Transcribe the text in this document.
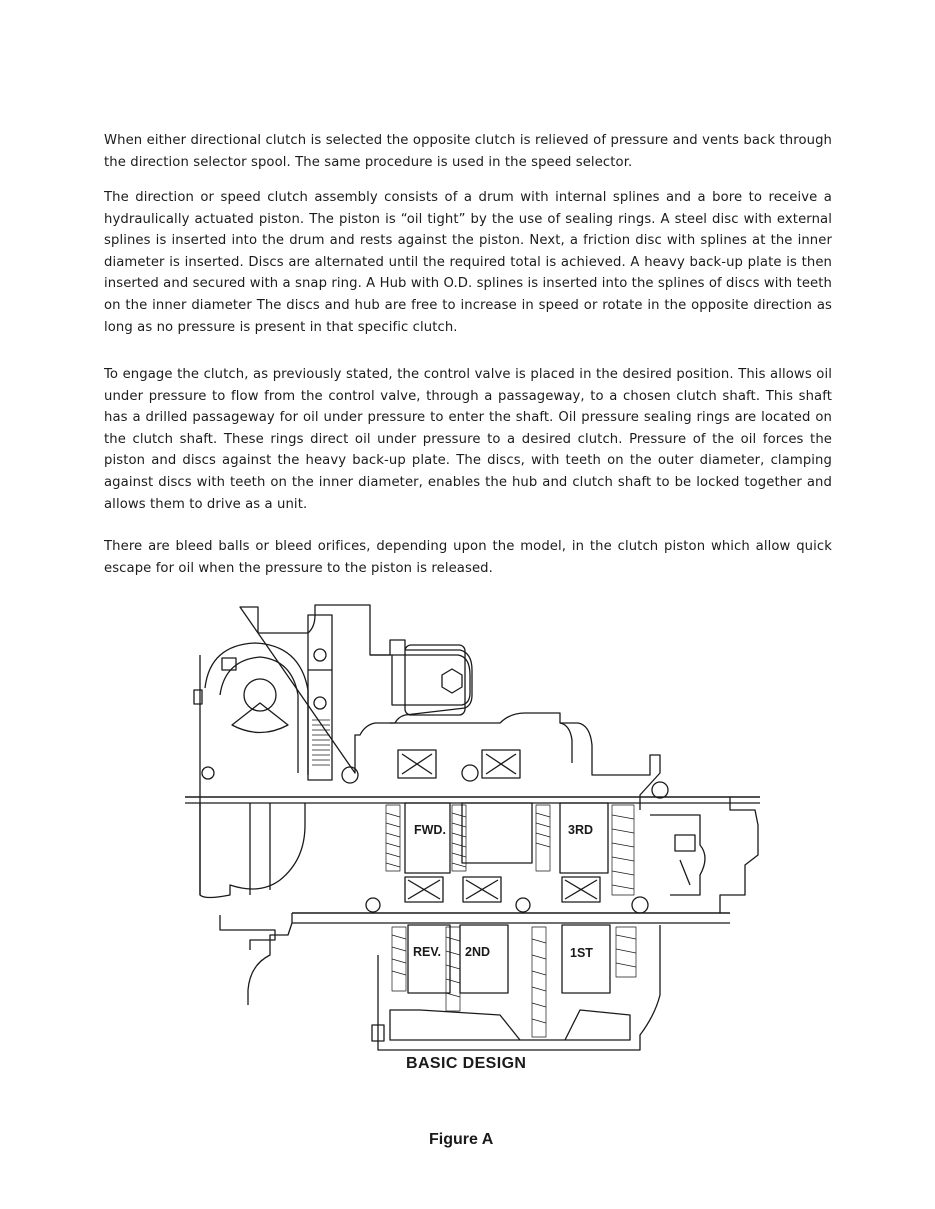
When either directional clutch is selected the opposite clutch is relieved of pressure and vents back through the direction selector spool. The same procedure is used in the speed selector.

The direction or speed clutch assembly consists of a drum with internal splines and a bore to receive a hydraulically actuated piston. The piston is “oil tight” by the use of sealing rings. A steel disc with external splines is inserted into the drum and rests against the piston. Next, a friction disc with splines at the inner diameter is inserted. Discs are alternated until the required total is achieved. A heavy back-up plate is then inserted and secured with a snap ring. A Hub with O.D. splines is inserted into the splines of discs with teeth on the inner diameter The discs and hub are free to increase in speed or rotate in the opposite direction as long as no pressure is present in that specific clutch.

To engage the clutch, as previously stated, the control valve is placed in the desired position. This allows oil under pressure to flow from the control valve, through a passageway, to a chosen clutch shaft. This shaft has a drilled passageway for oil under pressure to enter the shaft. Oil pressure sealing rings are located on the clutch shaft. These rings direct oil under pressure to a desired clutch. Pressure of the oil forces the piston and discs against the heavy back-up plate. The discs, with teeth on the outer diameter, clamping against discs with teeth on the inner diameter, enables the hub and clutch shaft to be locked together and allows them to drive as a unit.

There are bleed balls or bleed orifices, depending upon the model, in the clutch piston which allow quick escape for oil when the pressure to the piston is released.

FWD.	3RD
REV. 2ND	1ST
BASIC DESIGN
Figure A
